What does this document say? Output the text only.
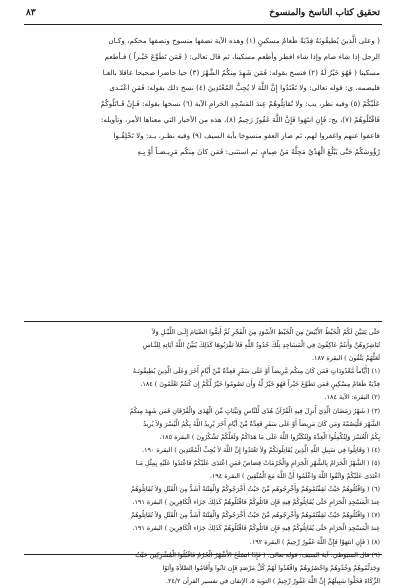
تحقيق كتاب الناسخ والمنسوخ
٨٣
( وعلى الَّذينَ يُطيقُونَهُ فِدْيَةٌ طَعامُ مسكينٍ (١) وهذه الآية نصفها منسوخ ونصفها محكم، وكـان
الرجل إذا شاء صام وإذا شاء افطر وأطعم مسكينا، ثم قال تعالى: ( فَمَن تَطَوَّعَ خَيْـراً ) فـأطعم
مسكينا ( فَهُوَ خَيْرٌ لَهُ (٢) فنسخ بقوله: فَمَن شَهِدَ مِنكُمُ الشَّهْرَ (٣) حيا حاضرا صحيحا عاقلا بالغـا
فليصمه، ي: قوله تعالى: ولا تَعْتَدُوا إِنَّ اللَّهَ لا يُحِبُّ المُعْتَدِينَ (٤) نسخ ذلك بقوله: فَمَنِ اعْتَـدى
عَلَيْكُمْ (٥) وفيه نظر، يب: ولا تُقاتِلُوهُمْ عِندَ المَسْجِدِ الحَرامِ الآية (٦) نسخها بقوله: فَـإِنْ قَـاتَلُوكُمْ
فَاقْتُلُوهُمْ (٧)، يج: فَإِنِ انتَهَوا فَإِنَّ اللَّهَ غَفُورٌ رَحِيمٌ (٨)، هذه من الأخبار التي معناها الأمر، وتأويله:
فاعفوا عنهم واغفروا لهم، ثم صار العفو منسوخا بآية السيف (٩) وفيه نظـر، يـد: ولا تَحْلِقُـوا
رُؤُوسَكُمْ حَتَّى يَبْلُغَ الْهَدْيُ مَحِلَّهُ مَنْ صِيامٍ، ثم استثنى: فَمَن كانَ مِنكُم مَرِيـضـاً أَوْ بِـهِ
حَتَّى يَتَبَيَّنَ لَكُمُ الْخَيْطُ الأَبْيَضُ مِنَ الْخَيْطِ الأَسْوَدِ مِنَ الْفَجْرِ ثُمَّ أَتِمُّوا الصِّيَامَ إِلَـى اللَّيْـلِ وَلاَ
تُبَاشِرُوهُنَّ وَأَنتُمْ عَاكِفُونَ فِي الْمَسَاجِدِ تِلْكَ حُدُودُ اللَّهِ فَلاَ تَقْرَبُوهَا كَذَلِكَ يُبَيِّنُ اللَّهُ آيَاتِهِ لِلنَّـاسِ
لَعَلَّهُمْ يَتَّقُونَ ) البقرة ١٨٧.
(١) [أَيَّاماً مَّعْدُودَاتٍ فَمَن كَانَ مِنكُم مَّرِيضاً أَوْ عَلَى سَفَرٍ فَعِدَّةٌ مِّنْ أَيَّامٍ أُخَرَ وَعَلَى الَّذِينَ يُطِيقُونَـهُ
فِدْيَةٌ طَعَامُ مِسْكِينٍ فَمَن تَطَوَّعَ خَيْراً فَهُوَ خَيْرٌ لَّهُ وَأَن تَصُومُوا خَيْرٌ لَّكُمْ إِن كُنتُمْ تَعْلَمُونَ ) ١٨٤.
(٢) البقرة: الآية ١٨٤.
(٣) ( شَهْرُ رَمَضَانَ الَّذِيَ أُنزِلَ فِيهِ الْقُرْآنُ هُدًى لِّلنَّاسِ وَبَيِّنَاتٍ مِّنَ الْهُدَى وَالْفُرْقَانِ فَمَن شَهِدَ مِنكُمُ
الشَّهْرَ فَلْيَصُمْهُ وَمَن كَانَ مَرِيضاً أَوْ عَلَى سَفَرٍ فَعِدَّةٌ مِّنْ أَيَّامٍ أُخَرَ يُرِيدُ اللَّهُ بِكُمُ الْيُسْرَ وَلاَ يُرِيدُ
بِكُمُ الْعُسْرَ وَلِتُكْمِلُوا الْعِدَّةَ وَلِتُكَبِّرُوا اللَّهَ عَلَى مَا هَدَاكُمْ وَلَعَلَّكُمْ تَشْكُرُونَ ) البقرة ١٨٥.
(٤) ( وَقَاتِلُوا فِي سَبِيلِ اللَّهِ الَّذِينَ يُقَاتِلُونَكُمْ وَلاَ تَعْتَدُوا إِنَّ اللَّهَ لاَ يُحِبِّ الْمُعْتَدِينَ ) البقرة ١٩٠.
(٥) ( الشَّهْرُ الْحَرَامُ بِالشَّهْرِ الْحَرَامِ وَالْحُرُمَاتُ قِصَاصٌ فَمَنِ اعْتَدَى عَلَيْكُمْ فَاعْتَدُوا عَلَيْهِ بِمِثْلِ مَـا
اعْتَدَى عَلَيْكُمْ وَاتَّقُوا اللَّهَ وَاعْلَمُوا أَنَّ اللَّهَ مَعَ الْمُتَّقِينَ ) البقرة ١٩٤.
(٦) ( وَاقْتُلُوهُمْ حَيْثُ ثَقِفْتُمُوهُمْ وَأَخْرِجُوهُم مِّنْ حَيْثُ أَخْرَجُوكُمْ وَالْفِتْنَةُ أَشَدُّ مِنَ الْقَتْلِ وَلاَ تُقَاتِلُوهُمْ
عِندَ الْمَسْجِدِ الْحَرَامِ حَتَّى يُقَاتِلُوكُمْ فِيهِ فَإِن قَاتَلُوكُمْ فَاقْتُلُوهُمْ كَذَلِكَ جَزَاء الْكَافِرِينَ ) البقرة ١٩١.
(٧) ( وَاقْتُلُوهُمْ حَيْثُ ثَقِفْتُمُوهُمْ وَأَخْرِجُوهُم مِّنْ حَيْثُ أَخْرَجُوكُمْ وَالْفِتْنَةُ أَشَدُّ مِنَ الْقَتْلِ وَلاَ تُقَاتِلُوهُمْ
عِندَ الْمَسْجِدِ الْحَرَامِ حَتَّى يُقَاتِلُوكُمْ فِيهِ فَإِن قَاتَلُوكُمْ فَاقْتُلُوهُمْ كَذَلِكَ جَزَاء الْكَافِرِينَ ) البقرة ١٩١.
(٨) ( فَإِنِ انتَهَوْا فَإِنَّ اللَّهَ غَفُورٌ رَّحِيمٌ ) البقرة ١٩٢.
(٩) قال السيوطي: آية السيف، قوله تعالى: ( فَإِذَا انسَلَخَ الأَشْهُرُ الْحُرُمُ فَاقْتُلُوا الْمُشْرِكِينَ حَيْثُ
وَجَدتُّمُوهُمْ وَخُذُوهُمْ وَاحْصُرُوهُمْ وَاقْعُدُوا لَهُمْ كُلَّ مَرْصَدٍ فَإِن تَابُوا وَأَقَامُوا الصَّلاَةَ وَآتَوُا
الزَّكَاةَ فَخَلُّوا سَبِيلَهُمْ إِنَّ اللَّهَ غَفُورٌ رَّحِيمٌ ) التوبة ٥، الإتقان في تفسير القرآن ٢٤/٢.
